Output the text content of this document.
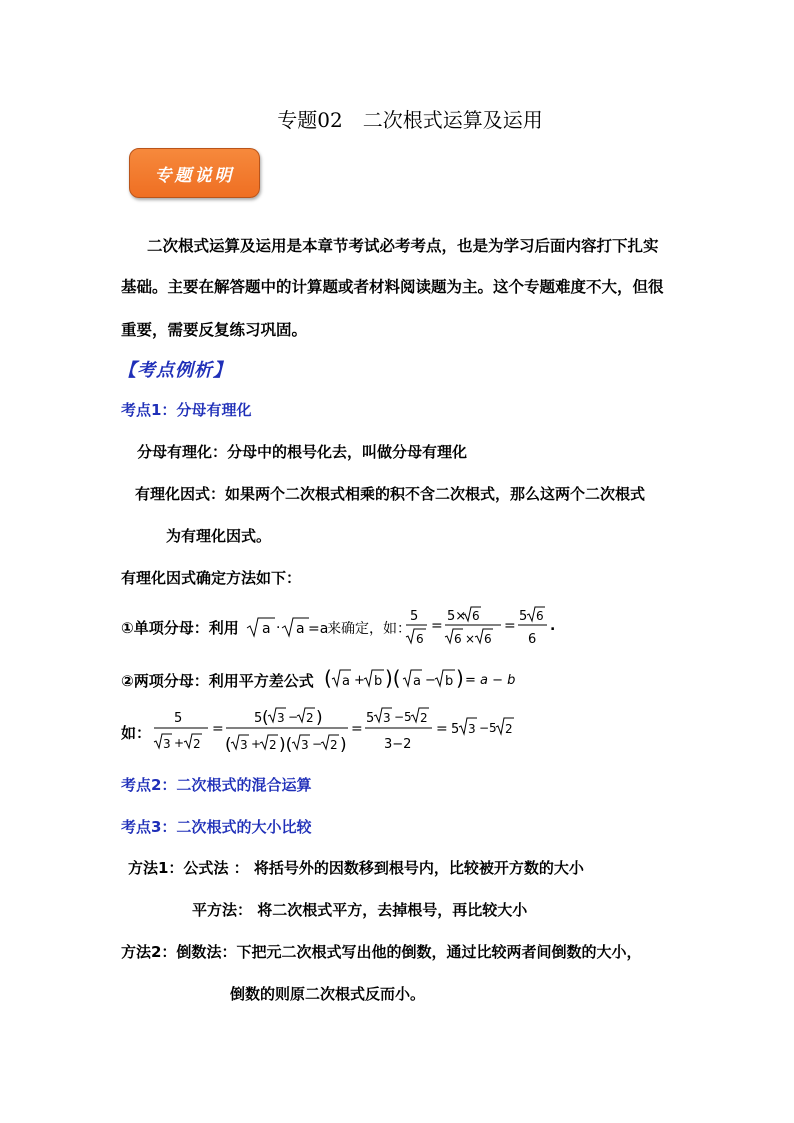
专题02　二次根式运算及运用
专题说明
二次根式运算及运用是本章节考试必考考点，也是为学习后面内容打下扎实
基础。主要在解答题中的计算题或者材料阅读题为主。这个专题难度不大，但很
重要，需要反复练习巩固。
【考点例析】
考点1：分母有理化
分母有理化：分母中的根号化去，叫做分母有理化
有理化因式：如果两个二次根式相乘的积不含二次根式，那么这两个二次根式
为有理化因式。
有理化因式确定方法如下：
①单项分母：利用 a · a =a
来确定，如：
5
6
=
5× 6
6 × 6
=
5 6
6
.
②两项分母：利用平方差公式 ( a + b )( a − b ) = a − b
如：
5
3 + 2
=
5 ( 3 − 2 )
( 3 + 2 )( 3 − 2 )
=
5 3 −5 2
3−2
= 5 3 −5 2
考点2：二次根式的混合运算
考点3：二次根式的大小比较
方法1：公式法 ： 将括号外的因数移到根号内，比较被开方数的大小
平方法： 将二次根式平方，去掉根号，再比较大小
方法2：倒数法：下把元二次根式写出他的倒数，通过比较两者间倒数的大小，
倒数的则原二次根式反而小。
